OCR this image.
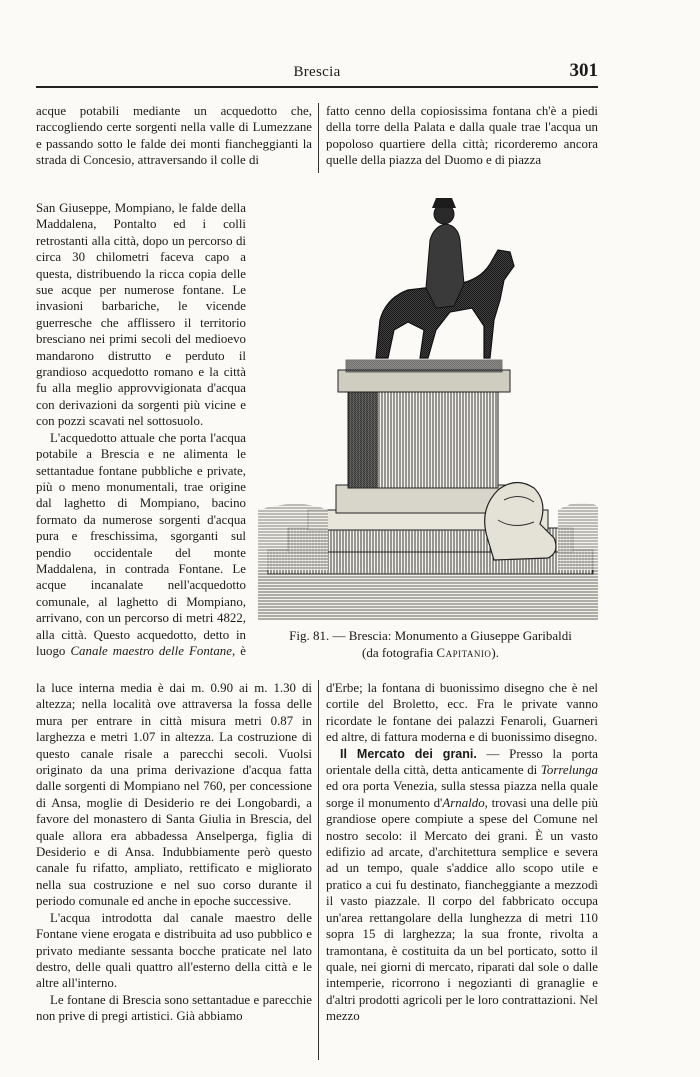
Brescia	301

acque potabili mediante un acquedotto che, raccogliendo certe sorgenti nella valle di Lumezzane e passando sotto le falde dei monti fiancheggianti la strada di Concesio, attraversando il colle di

San Giuseppe, Mompiano, le falde della Maddalena, Pontalto ed i colli retrostanti alla città, dopo un percorso di circa 30 chilometri faceva capo a questa, distribuendo la ricca copia delle sue acque per numerose fontane. Le invasioni barbariche, le vicende guerresche che afflissero il territorio bresciano nei primi secoli del medioevo mandarono distrutto e perduto il grandioso acquedotto romano e la città fu alla meglio approvvigionata d'acqua con derivazioni da sorgenti più vicine e con pozzi scavati nel sottosuolo.

L'acquedotto attuale che porta l'acqua potabile a Brescia e ne alimenta le settantadue fontane pubbliche e private, più o meno monumentali, trae origine dal laghetto di Mompiano, bacino formato da numerose sorgenti d'acqua pura e freschissima, sgorganti sul pendio occidentale del monte Maddalena, in contrada Fontane. Le acque incanalate nell'acquedotto comunale, al laghetto di Mompiano, arrivano, con un percorso di metri 4822, alla città. Questo acquedotto, detto in luogo Canale maestro delle Fontane, è

fatto cenno della copiosissima fontana ch'è a piedi della torre della Palata e dalla quale trae l'acqua un popoloso quartiere della città; ricorderemo ancora quelle della piazza del Duomo e di piazza

Fig. 81. — Brescia: Monumento a Giuseppe Garibaldi
(da fotografia Capitanio).

la luce interna media è dai m. 0.90 ai m. 1.30 di altezza; nella località ove attraversa la fossa delle mura per entrare in città misura metri 0.87 in larghezza e metri 1.07 in altezza. La costruzione di questo canale risale a parecchi secoli. Vuolsi originato da una prima derivazione d'acqua fatta dalle sorgenti di Mompiano nel 760, per concessione di Ansa, moglie di Desiderio re dei Longobardi, a favore del monastero di Santa Giulia in Brescia, del quale allora era abbadessa Anselperga, figlia di Desiderio e di Ansa. Indubbiamente però questo canale fu rifatto, ampliato, rettificato e migliorato nella sua costruzione e nel suo corso durante il periodo comunale ed anche in epoche successive.

L'acqua introdotta dal canale maestro delle Fontane viene erogata e distribuita ad uso pubblico e privato mediante sessanta bocche praticate nel lato destro, delle quali quattro all'esterno della città e le altre all'interno.

Le fontane di Brescia sono settantadue e parecchie non prive di pregi artistici. Già abbiamo

d'Erbe; la fontana di buonissimo disegno che è nel cortile del Broletto, ecc. Fra le private vanno ricordate le fontane dei palazzi Fenaroli, Guarneri ed altre, di fattura moderna e di buonissimo disegno.

Il Mercato dei grani. — Presso la porta orientale della città, detta anticamente di Torrelunga ed ora porta Venezia, sulla stessa piazza nella quale sorge il monumento d'Arnaldo, trovasi una delle più grandiose opere compiute a spese del Comune nel nostro secolo: il Mercato dei grani. È un vasto edifizio ad arcate, d'architettura semplice e severa ad un tempo, quale s'addice allo scopo utile e pratico a cui fu destinato, fiancheggiante a mezzodì il vasto piazzale. Il corpo del fabbricato occupa un'area rettangolare della lunghezza di metri 110 sopra 15 di larghezza; la sua fronte, rivolta a tramontana, è costituita da un bel porticato, sotto il quale, nei giorni di mercato, riparati dal sole o dalle intemperie, ricorrono i negozianti di granaglie e d'altri prodotti agricoli per le loro contrattazioni. Nel mezzo
